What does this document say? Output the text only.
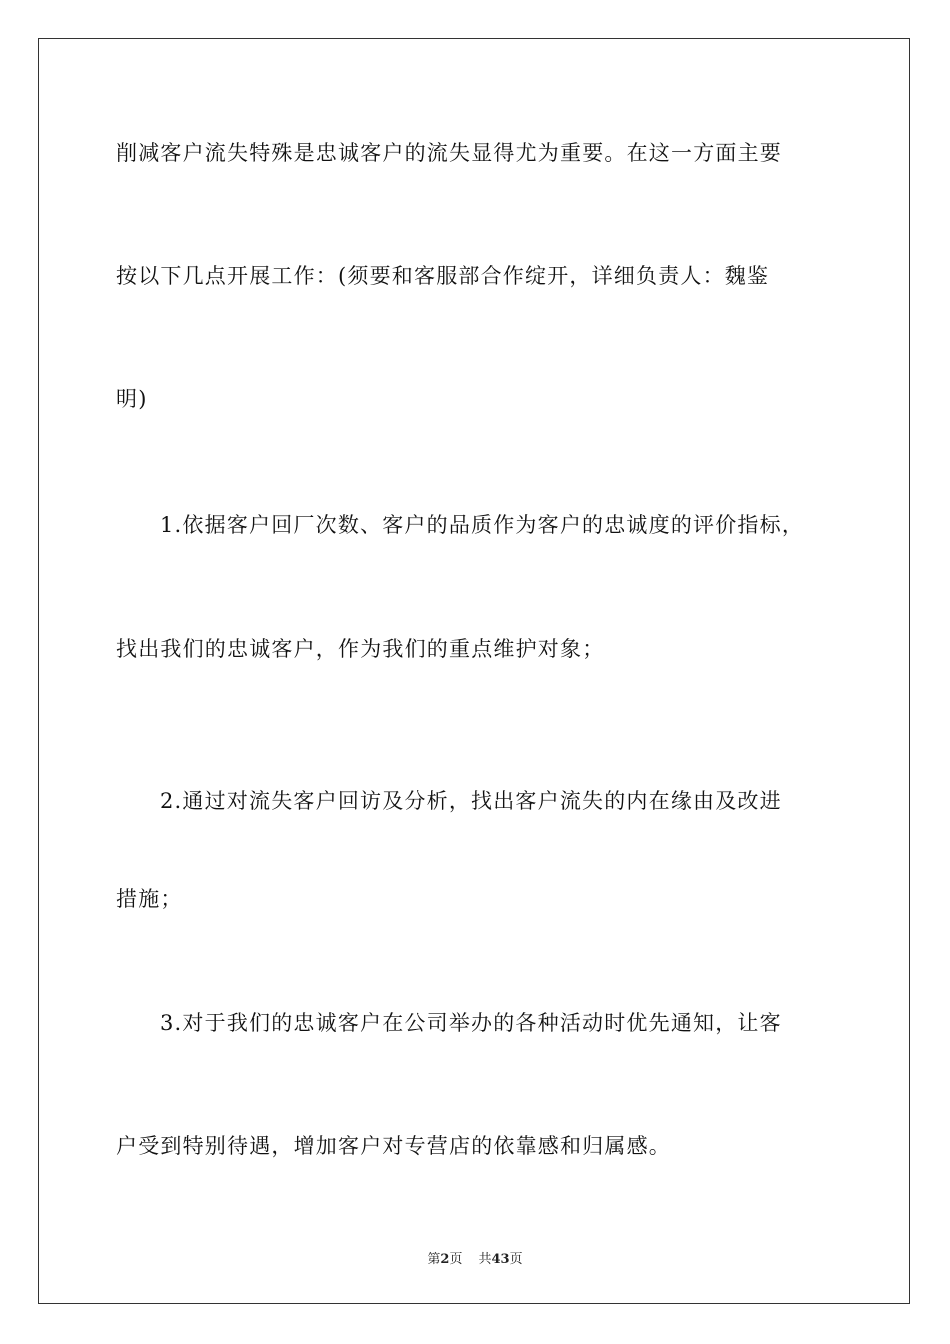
削减客户流失特殊是忠诚客户的流失显得尤为重要。在这一方面主要
按以下几点开展工作：(须要和客服部合作绽开，详细负责人：魏鉴
明)
1.依据客户回厂次数、客户的品质作为客户的忠诚度的评价指标，
找出我们的忠诚客户，作为我们的重点维护对象；
2.通过对流失客户回访及分析，找出客户流失的内在缘由及改进
措施；
3.对于我们的忠诚客户在公司举办的各种活动时优先通知，让客
户受到特别待遇，增加客户对专营店的依靠感和归属感。
第2页 共43页
